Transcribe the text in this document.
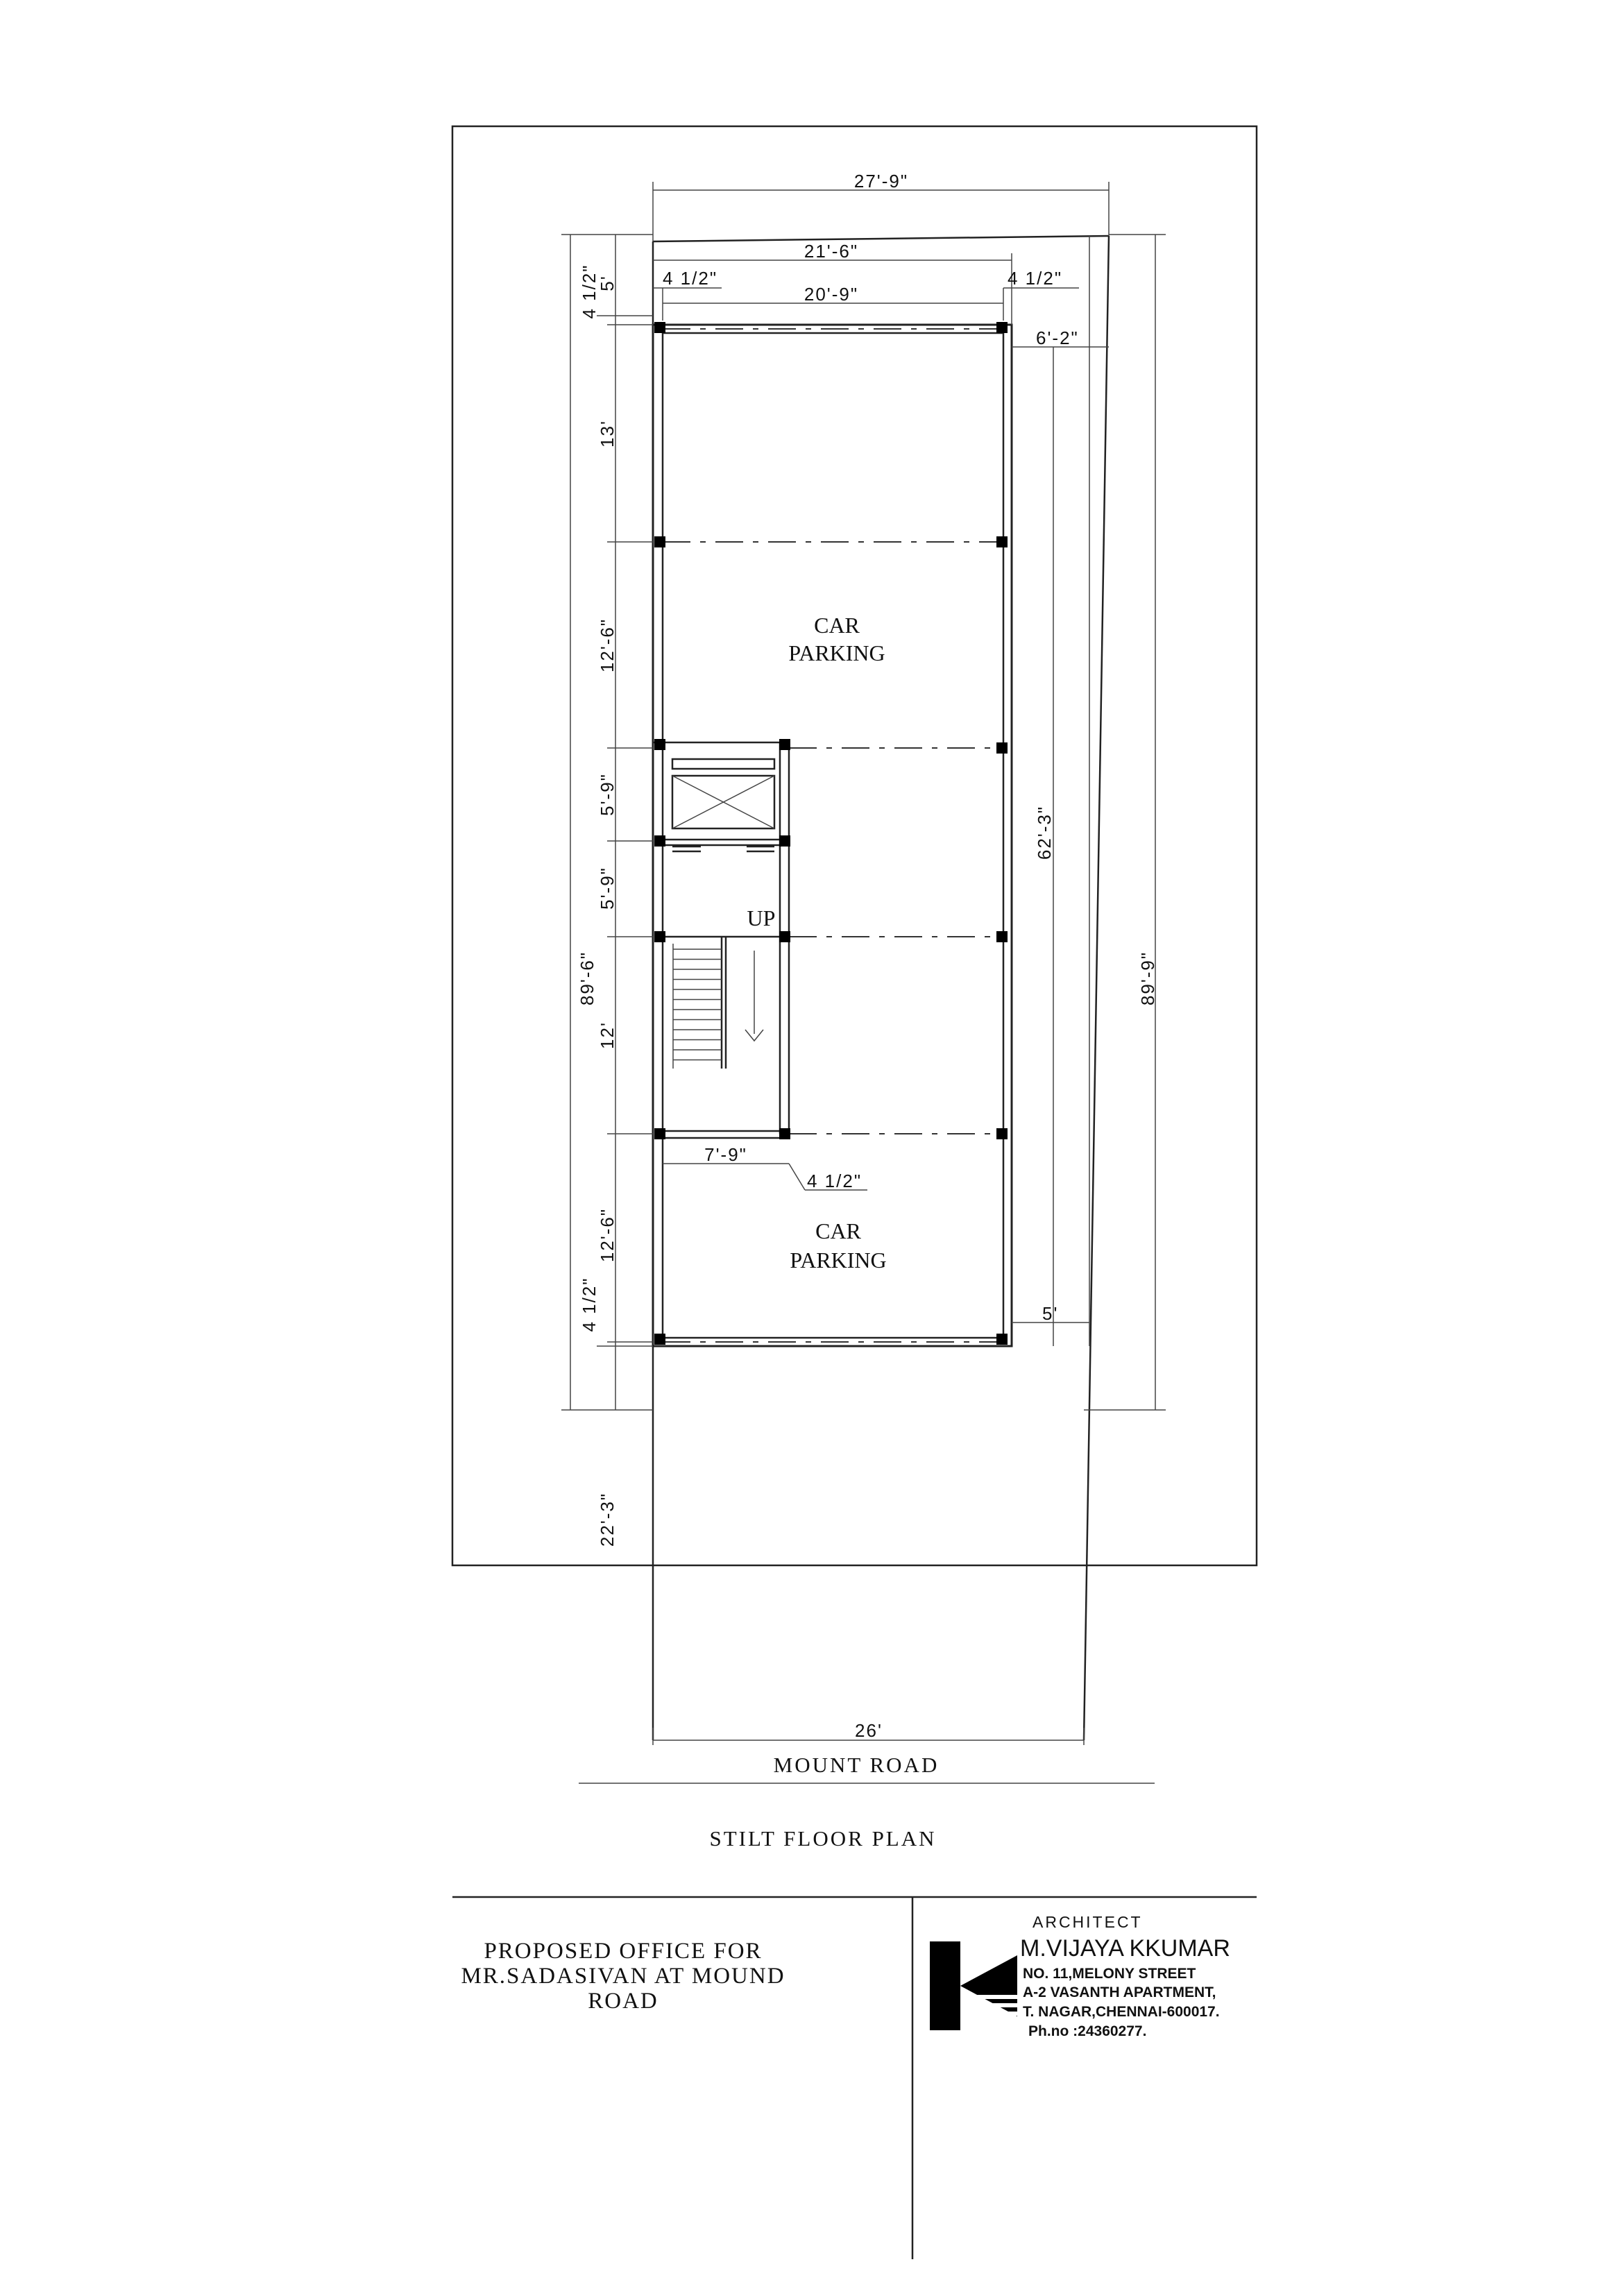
27'-9"
21'-6"
20'-9"
4 1/2"	4 1/2"
6'-2"
26'
7'-9"
4 1/2"
5'
89'-6"	89'-9"
62'-3"
4 1/2"
5'
13'
12'-6"
5'-9"
5'-9"
12'
12'-6"
4 1/2"
22'-3"
CAR
PARKING
CAR
PARKING
UP
MOUNT ROAD
STILT FLOOR PLAN
PROPOSED OFFICE FOR
MR.SADASIVAN AT MOUND
ROAD
ARCHITECT
M.VIJAYA KKUMAR
NO. 11,MELONY STREET
A-2 VASANTH APARTMENT,
T. NAGAR,CHENNAI-600017.
Ph.no :24360277.
